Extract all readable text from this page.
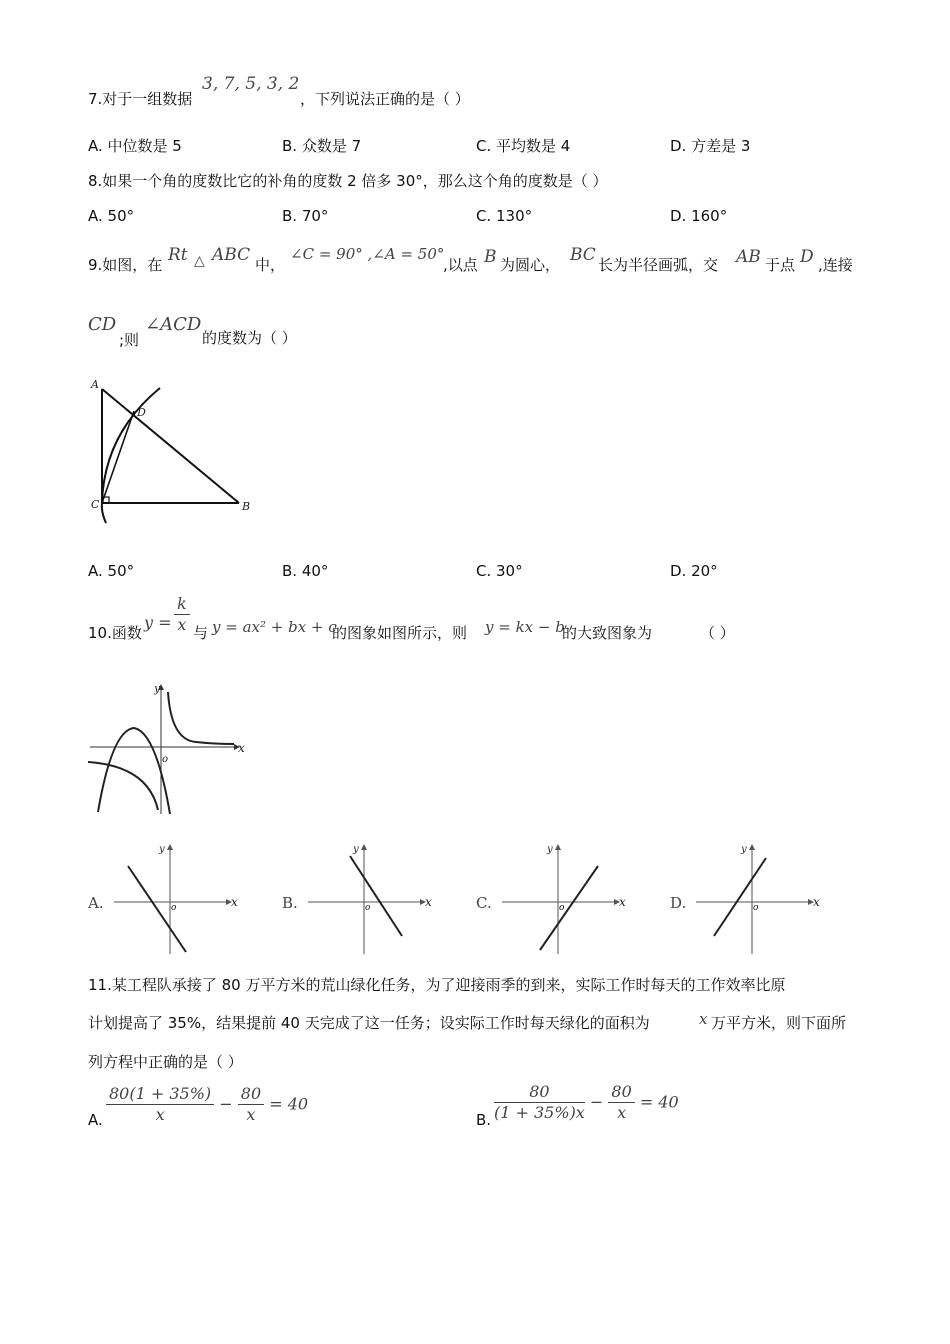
7.对于一组数据
3, 7, 5, 3, 2
，下列说法正确的是（ ）
A. 中位数是 5	B. 众数是 7	C. 平均数是 4	D. 方差是 3
8.如果一个角的度数比它的补角的度数 2 倍多 30°，那么这个角的度数是（ ）
A. 50°	B. 70°	C. 130°	D. 160°
9.如图，在 Rt △ ABC 中，
∠C = 90° ,∠A = 50°
,以点 B 为圆心， BC 长为半径画弧，交 AB 于点 D ,连接
CD
;则
∠ACD
的度数为（ ）
A
D
C	B
A. 50°	B. 40°	C. 30°	D. 20°
10.函数
$y = \frac{k}{x}$ 与 y = ax² + bx + c
的图象如图所示，则 y = kx − b
的大致图象为	（ ）
x
y
o
A.	x
y
o	B.	x
y
o	C.	x
y
o	D.	x
y
o
11.某工程队承接了 80 万平方米的荒山绿化任务，为了迎接雨季的到来，实际工作时每天的工作效率比原
计划提高了 35%，结果提前 40 天完成了这一任务；设实际工作时每天绿化的面积为	x 万平方米，则下面所
列方程中正确的是（ ）
A. $\frac{80(1 + 35\%)}{x} - \frac{80}{x} = 40$
B. $\frac{80}{(1 + 35\%)x} - \frac{80}{x} = 40$
